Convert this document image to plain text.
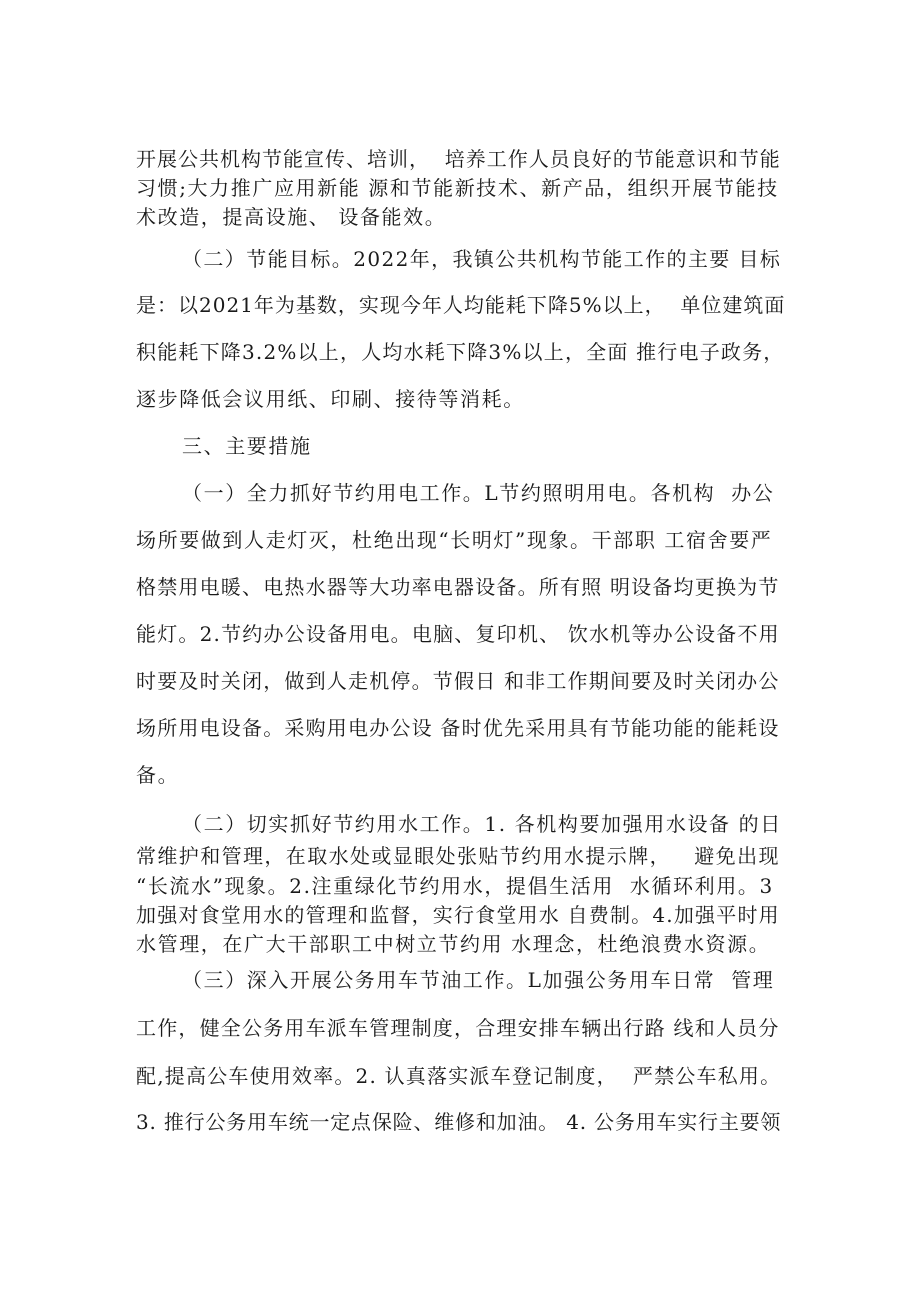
开展公共机构节能宣传、培训，  培养工作人员良好的节能意识和节能

习惯;大力推广应用新能 源和节能新技术、新产品，组织开展节能技

术改造，提高设施、 设备能效。

（二）节能目标。2022年，我镇公共机构节能工作的主要 目标

是：以2021年为基数，实现今年人均能耗下降5%以上，  单位建筑面

积能耗下降3.2%以上，人均水耗下降3%以上，全面 推行电子政务，

逐步降低会议用纸、印刷、接待等消耗。

三、主要措施

（一）全力抓好节约用电工作。L节约照明用电。各机构  办公

场所要做到人走灯灭，杜绝出现“长明灯”现象。干部职 工宿舍要严

格禁用电暖、电热水器等大功率电器设备。所有照 明设备均更换为节

能灯。2.节约办公设备用电。电脑、复印机、 饮水机等办公设备不用

时要及时关闭，做到人走机停。节假日 和非工作期间要及时关闭办公

场所用电设备。采购用电办公设 备时优先采用具有节能功能的能耗设

备。

（二）切实抓好节约用水工作。1. 各机构要加强用水设备 的日

常维护和管理，在取水处或显眼处张贴节约用水提示牌，   避免出现

“长流水”现象。2.注重绿化节约用水，提倡生活用  水循环利用。3

加强对食堂用水的管理和监督，实行食堂用水 自费制。4.加强平时用

水管理，在广大干部职工中树立节约用 水理念，杜绝浪费水资源。

（三）深入开展公务用车节油工作。L加强公务用车日常  管理

工作，健全公务用车派车管理制度，合理安排车辆出行路 线和人员分

配,提高公车使用效率。2. 认真落实派车登记制度，  严禁公车私用。

3. 推行公务用车统一定点保险、维修和加油。 4. 公务用车实行主要领
